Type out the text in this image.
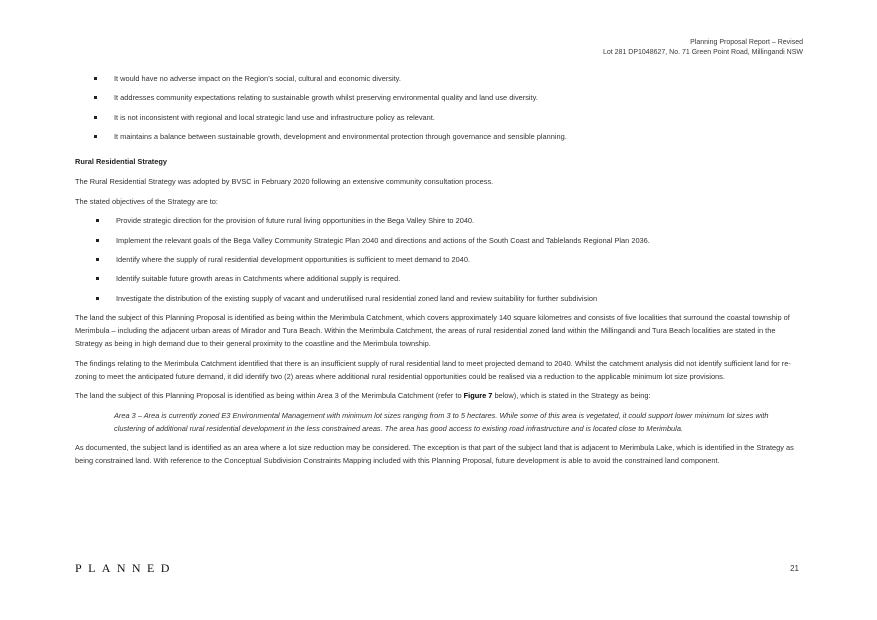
Planning Proposal Report – Revised
Lot 281 DP1048627, No. 71 Green Point Road, Millingandi NSW
It would have no adverse impact on the Region’s social, cultural and economic diversity.
It addresses community expectations relating to sustainable growth whilst preserving environmental quality and land use diversity.
It is not inconsistent with regional and local strategic land use and infrastructure policy as relevant.
It maintains a balance between sustainable growth, development and environmental protection through governance and sensible planning.
Rural Residential Strategy

The Rural Residential Strategy was adopted by BVSC in February 2020 following an extensive community consultation process.

The stated objectives of the Strategy are to:

Provide strategic direction for the provision of future rural living opportunities in the Bega Valley Shire to 2040.
Implement the relevant goals of the Bega Valley Community Strategic Plan 2040 and directions and actions of the South Coast and Tablelands Regional Plan 2036.
Identify where the supply of rural residential development opportunities is sufficient to meet demand to 2040.
Identify suitable future growth areas in Catchments where additional supply is required.
Investigate the distribution of the existing supply of vacant and underutilised rural residential zoned land and review suitability for further subdivision

The land the subject of this Planning Proposal is identified as being within the Merimbula Catchment, which covers approximately 140 square kilometres and consists of five localities that surround the coastal township of Merimbula – including the adjacent urban areas of Mirador and Tura Beach. Within the Merimbula Catchment, the areas of rural residential zoned land within the Millingandi and Tura Beach localities are stated in the Strategy as being in high demand due to their general proximity to the coastline and the Merimbula township.

The findings relating to the Merimbula Catchment identified that there is an insufficient supply of rural residential land to meet projected demand to 2040. Whilst the catchment analysis did not identify sufficient land for re-zoning to meet the anticipated future demand, it did identify two (2) areas where additional rural residential opportunities could be realised via a reduction to the applicable minimum lot size provisions.

The land the subject of this Planning Proposal is identified as being within Area 3 of the Merimbula Catchment (refer to Figure 7 below), which is stated in the Strategy as being:

Area 3 – Area is currently zoned E3 Environmental Management with minimum lot sizes ranging from 3 to 5 hectares. While some of this area is vegetated, it could support lower minimum lot sizes with clustering of additional rural residential development in the less constrained areas. The area has good access to existing road infrastructure and is located close to Merimbula.

As documented, the subject land is identified as an area where a lot size reduction may be considered. The exception is that part of the subject land that is adjacent to Merimbula Lake, which is identified in the Strategy as being constrained land. With reference to the Conceptual Subdivision Constraints Mapping included with this Planning Proposal, future development is able to avoid the constrained land component.

PLANNED	21
